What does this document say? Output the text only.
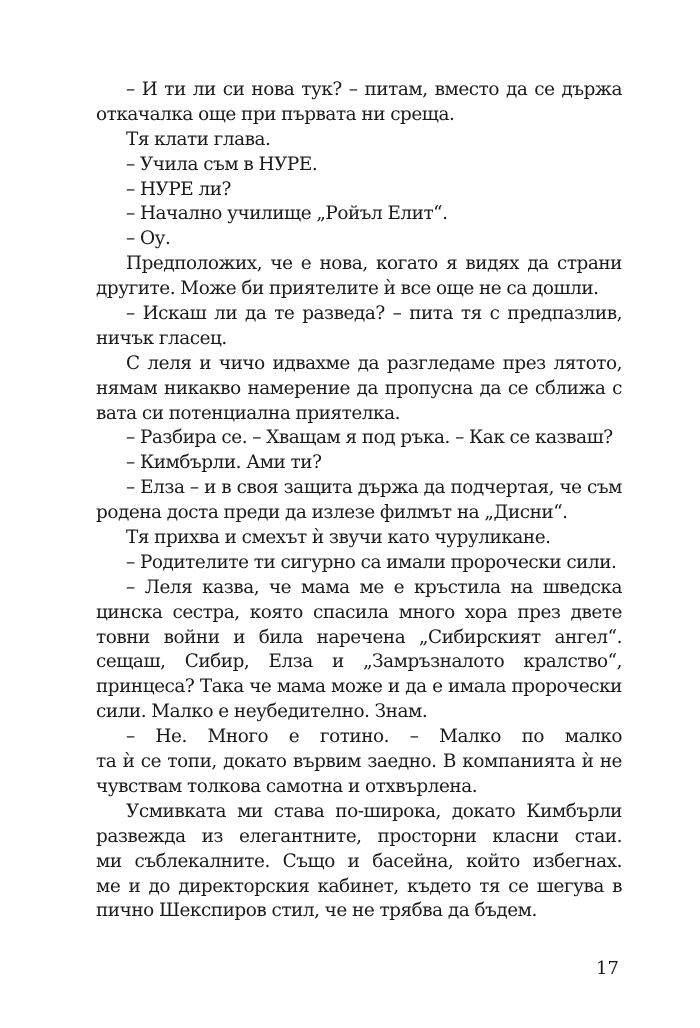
– И ти ли си нова тук? – питам, вместо да се държа
откачалка още при първата ни среща.
Тя клати глава.
– Учила съм в НУРЕ.
– НУРЕ ли?
– Начално училище „Ройъл Елит“.
– Оу.
Предположих, че е нова, когато я видях да страни
другите. Може би приятелите ѝ все още не са дошли.
– Искаш ли да те разведа? – пита тя с предпазлив,
ничък гласец.
С леля и чичо идвахме да разгледаме през лятото,
нямам никакво намерение да пропусна да се сближа с
вата си потенциална приятелка.
– Разбира се. – Хващам я под ръка. – Как се казваш?
– Кимбърли. Ами ти?
– Елза – и в своя защита държа да подчертая, че съм
родена доста преди да излезе филмът на „Дисни“.
Тя прихва и смехът ѝ звучи като чуруликане.
– Родителите ти сигурно са имали пророчески сили.
– Леля казва, че мама ме е кръстила на шведска
цинска сестра, която спасила много хора през двете
товни войни и била наречена „Сибирският ангел“.
сещаш, Сибир, Елза и „Замръзналото кралство“,
принцеса? Така че мама може и да е имала пророчески
сили. Малко е неубедително. Знам.
– Не. Много е готино. – Малко по малко
та ѝ се топи, докато вървим заедно. В компанията ѝ не
чувствам толкова самотна и отхвърлена.
Усмивката ми става по-широка, докато Кимбърли
развежда из елегантните, просторни класни стаи.
ми съблекалните. Също и басейна, който избегнах.
ме и до директорския кабинет, където тя се шегува в
пично Шекспиров стил, че не трябва да бъдем.
17
